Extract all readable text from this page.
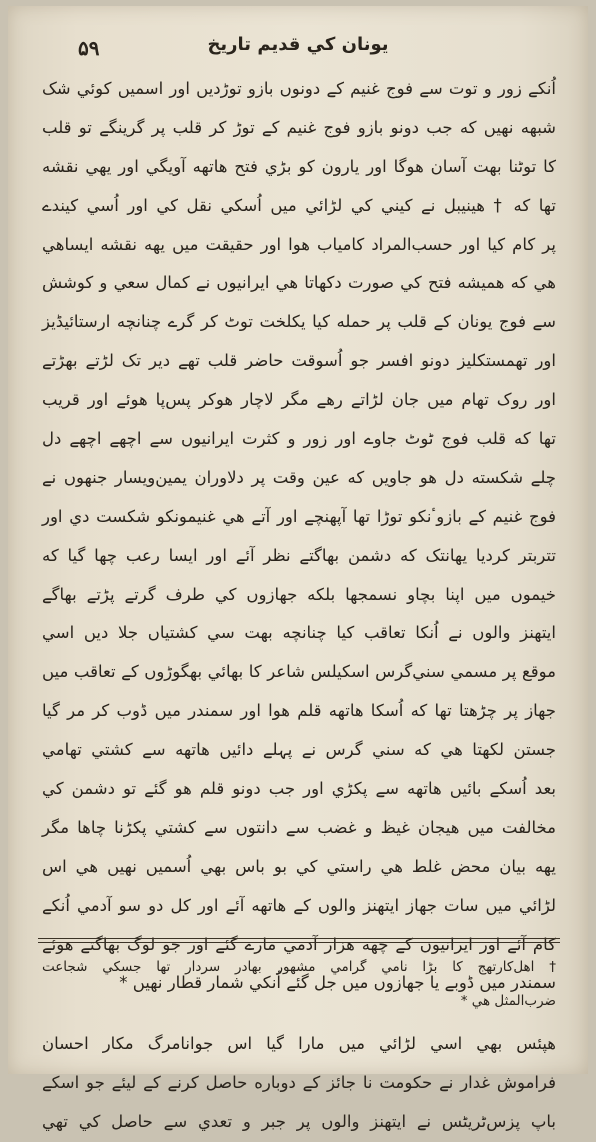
۵۹	یونان کي قديم تاريخ
اُنکے زور و توت سے فوج غنيم کے دونوں بازو توڑديں اور اسمیں کوئي شک
شبهه نهيں که جب دونو بازو فوج غنيم کے توڑ کر قلب پر گرينگے تو قلب
کا توٹنا بهت آسان هوگا اور يارون کو بڑي فتح هاتهه آويگي اور يهي نقشه
تها که † هينيبل نے کيني کي لڑائي ميں اُسکي نقل کي اور اُسي کيندے
پر کام کيا اور حسب‌المراد کامياب هوا اور حقيقت ميں يهه نقشه ايساهي
هي که هميشه فتح کي صورت دکهاتا هي ايرانيوں نے کمال سعي و کوشش
سے فوج يونان کے قلب پر حمله کيا يکلخت توٹ کر گرے چنانچه ارستائيڈيز
اور تهمستکليز دونو افسر جو اُسوقت حاضر قلب تهے دير تک لڑتے بهڑتے
اور روک تهام ميں جان لڑاتے رهے مگر لاچار هوکر پس‌پا هوئے اور قريب
تها که قلب فوج ٹوٹ جاوے اور زور و کثرت ايرانيوں سے اچهے اچهے دل
چلے شکسته دل هو جاويں که عين وقت پر دلاوران يمين‌ويسار جنهوں نے
فوج غنيم کے بازوٴنکو توڑا تها آپهنچے اور آتے هي غنيمونکو شکست دي اور
تتربتر کرديا يهانتک که دشمن بهاگتے نظر آئے اور ايسا رعب چها گيا که
خيموں ميں اپنا بچاو نسمجها بلکه جهازوں کي طرف گرتے پڑتے بهاگے
ايتهنز والوں نے اُنکا تعاقب کيا چنانچه بهت سي کشتياں جلا ديں اسي
موقع پر مسمي سني‌گرس اسکيلس شاعر کا بهائي بهگوڑوں کے تعاقب ميں
جهاز پر چڑهتا تها که اُسکا هاتهه قلم هوا اور سمندر ميں ڈوب کر مر گيا
جستن لکهتا هي که سني گرس نے پہلے دائيں هاتهه سے کشتي تهامي
بعد اُسکے بائيں هاتهه سے پکڑي اور جب دونو قلم هو گئے تو دشمن کي
مخالفت ميں هيجان غيظ و غضب سے دانتوں سے کشتي پکڑنا چاها مگر
يهه بيان محض غلط هي راستي کي بو باس بهي اُسميں نهيں هي اس
لڑائي ميں سات جهاز ايتهنز والوں کے هاتهه آئے اور کل دو سو آدمي اُنکے
کام آئے اور ايرانيوں کے چهه هزار آدمي مارے گئے اور جو لوگ بهاگتے هوئے
سمندر ميں ڈوبے يا جهازوں ميں جل گئے اُنکي شمار قطار نهيں *
هپئس بهي اسي لڑائي ميں مارا گيا اس جوانامرگ مکار احسان
فراموش غدار نے حکومت نا جائز کے دوباره حاصل کرنے کے لیئے جو اسکے
باپ پزس‌ٹريٹس نے ايتهنز والوں پر جبر و تعدي سے حاصل کي تهي
† اهل‌کارتهج کا بڑا نامي گرامي مشهور بهادر سردار تها جسکي شجاعت
ضرب‌المثل هي *
